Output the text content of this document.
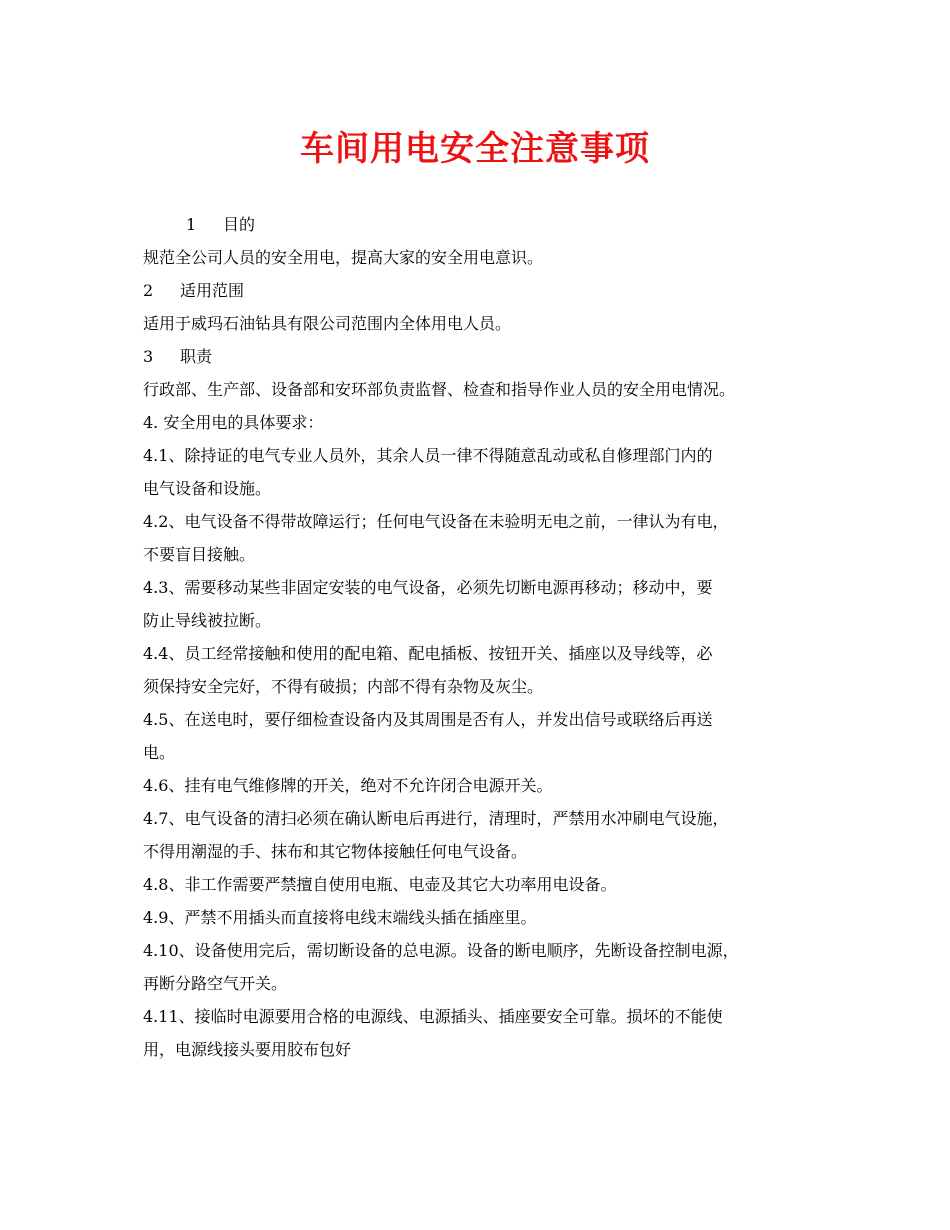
车间用电安全注意事项
1 目的
规范全公司人员的安全用电，提高大家的安全用电意识。
2 适用范围
适用于威玛石油钻具有限公司范围内全体用电人员。
3 职责
行政部、生产部、设备部和安环部负责监督、检查和指导作业人员的安全用电情况。
4. 安全用电的具体要求：
4.1、除持证的电气专业人员外，其余人员一律不得随意乱动或私自修理部门内的
电气设备和设施。
4.2、电气设备不得带故障运行；任何电气设备在未验明无电之前，一律认为有电，
不要盲目接触。
4.3、需要移动某些非固定安装的电气设备，必须先切断电源再移动；移动中，要
防止导线被拉断。
4.4、员工经常接触和使用的配电箱、配电插板、按钮开关、插座以及导线等，必
须保持安全完好，不得有破损；内部不得有杂物及灰尘。
4.5、在送电时，要仔细检查设备内及其周围是否有人，并发出信号或联络后再送
电。
4.6、挂有电气维修牌的开关，绝对不允许闭合电源开关。
4.7、电气设备的清扫必须在确认断电后再进行，清理时，严禁用水冲刷电气设施，
不得用潮湿的手、抹布和其它物体接触任何电气设备。
4.8、非工作需要严禁擅自使用电瓶、电壶及其它大功率用电设备。
4.9、严禁不用插头而直接将电线末端线头插在插座里。
4.10、设备使用完后，需切断设备的总电源。设备的断电顺序，先断设备控制电源，
再断分路空气开关。
4.11、接临时电源要用合格的电源线、电源插头、插座要安全可靠。损坏的不能使
用，电源线接头要用胶布包好
